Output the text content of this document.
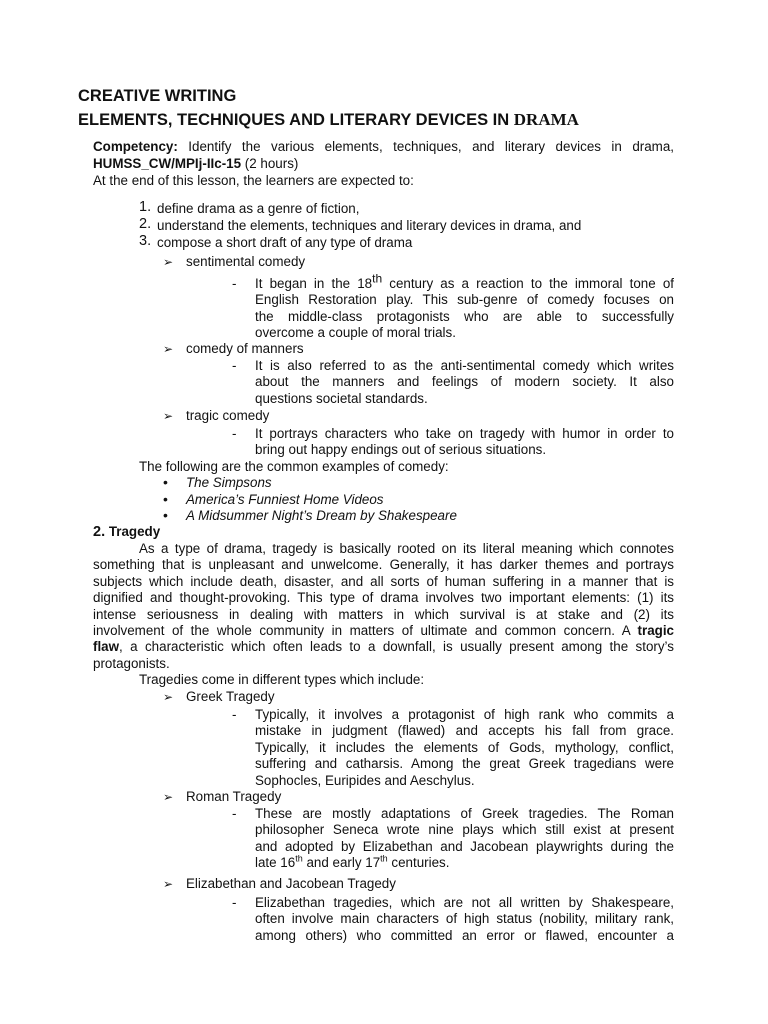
CREATIVE WRITING
ELEMENTS, TECHNIQUES AND LITERARY DEVICES IN DRAMA
Competency: Identify the various elements, techniques, and literary devices in drama,
HUMSS_CW/MPIj-IIc-15 (2 hours)
At the end of this lesson, the learners are expected to:
1. define drama as a genre of fiction,
2. understand the elements, techniques and literary devices in drama, and
3. compose a short draft of any type of drama
➢ sentimental comedy
- It began in the 18th century as a reaction to the immoral tone of
English Restoration play. This sub-genre of comedy focuses on
the middle-class protagonists who are able to successfully
overcome a couple of moral trials.
➢ comedy of manners
- It is also referred to as the anti-sentimental comedy which writes
about the manners and feelings of modern society. It also
questions societal standards.
➢ tragic comedy
- It portrays characters who take on tragedy with humor in order to
bring out happy endings out of serious situations.
The following are the common examples of comedy:
• The Simpsons
• America’s Funniest Home Videos
• A Midsummer Night’s Dream by Shakespeare
2. Tragedy
As a type of drama, tragedy is basically rooted on its literal meaning which connotes
something that is unpleasant and unwelcome. Generally, it has darker themes and portrays
subjects which include death, disaster, and all sorts of human suffering in a manner that is
dignified and thought-provoking. This type of drama involves two important elements: (1) its
intense seriousness in dealing with matters in which survival is at stake and (2) its
involvement of the whole community in matters of ultimate and common concern. A tragic
flaw, a characteristic which often leads to a downfall, is usually present among the story’s
protagonists.
Tragedies come in different types which include:
➢ Greek Tragedy
- Typically, it involves a protagonist of high rank who commits a
mistake in judgment (flawed) and accepts his fall from grace.
Typically, it includes the elements of Gods, mythology, conflict,
suffering and catharsis. Among the great Greek tragedians were
Sophocles, Euripides and Aeschylus.
➢ Roman Tragedy
- These are mostly adaptations of Greek tragedies. The Roman
philosopher Seneca wrote nine plays which still exist at present
and adopted by Elizabethan and Jacobean playwrights during the
late 16th and early 17th centuries.
➢ Elizabethan and Jacobean Tragedy
- Elizabethan tragedies, which are not all written by Shakespeare,
often involve main characters of high status (nobility, military rank,
among others) who committed an error or flawed, encounter a
